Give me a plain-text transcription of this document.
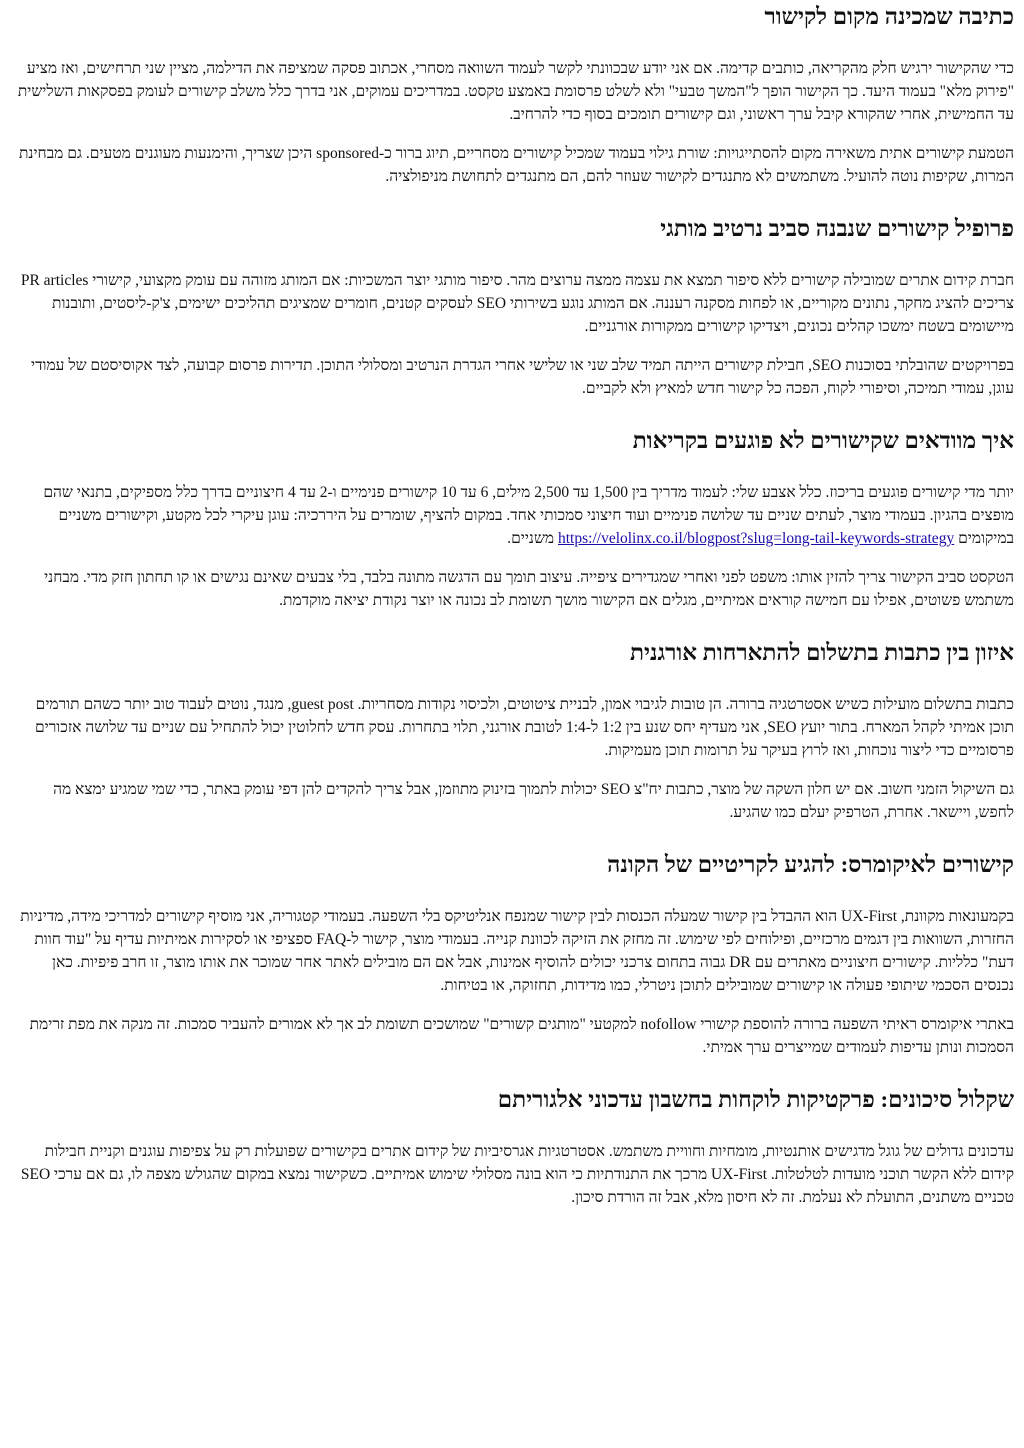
כתיבה שמכינה מקום לקישור

כדי שהקישור ירגיש חלק מהקריאה, כותבים קדימה. אם אני יודע שבכוונתי לקשר לעמוד השוואה מסחרי, אכתוב פסקה שמציפה את הדילמה, מציין שני תרחישים, ואז מציע "פירוק מלא" בעמוד היעד. כך הקישור הופך ל"המשך טבעי" ולא לשלט פרסומת באמצע טקסט. במדריכים עמוקים, אני בדרך כלל משלב קישורים לעומק בפסקאות השלישית עד החמישית, אחרי שהקורא קיבל ערך ראשוני, וגם קישורים תומכים בסוף כדי להרחיב.

הטמעת קישורים אתית משאירה מקום להסתייגויות: שורת גילוי בעמוד שמכיל קישורים מסחריים, תיוג ברור כ-sponsored היכן שצריך, והימנעות מעוגנים מטעים. גם מבחינת המרות, שקיפות נוטה להועיל. משתמשים לא מתנגדים לקישור שעוזר להם, הם מתנגדים לתחושת מניפולציה.

פרופיל קישורים שנבנה סביב נרטיב מותגי

חברת קידום אתרים שמובילה קישורים ללא סיפור תמצא את עצמה ממצה ערוצים מהר. סיפור מותגי יוצר המשכיות: אם המותג מזוהה עם עומק מקצועי, קישורי PR articles צריכים להציג מחקר, נתונים מקוריים, או לפחות מסקנה רעננה. אם המותג נוגע בשירותי SEO לעסקים קטנים, חומרים שמציגים תהליכים ישימים, צ'ק-ליסטים, ותובנות מיישומים בשטח ימשכו קהלים נכונים, ויצדיקו קישורים ממקורות אורגניים.

בפרויקטים שהובלתי בסוכנות SEO, חבילת קישורים הייתה תמיד שלב שני או שלישי אחרי הגדרת הנרטיב ומסלולי התוכן. תדירות פרסום קבועה, לצד אקוסיסטם של עמודי עוגן, עמודי תמיכה, וסיפורי לקוח, הפכה כל קישור חדש למאיץ ולא לקביים.

איך מוודאים שקישורים לא פוגעים בקריאות

יותר מדי קישורים פוגעים בריכוז. כלל אצבע שלי: לעמוד מדריך בין 1,500 עד 2,500 מילים, 6 עד 10 קישורים פנימיים ו-2 עד 4 חיצוניים בדרך כלל מספיקים, בתנאי שהם מופצים בהגיון. בעמודי מוצר, לעתים שניים עד שלושה פנימיים ועוד חיצוני סמכותי אחד. במקום להציף, שומרים על היררכיה: עוגן עיקרי לכל מקטע, וקישורים משניים במיקומים https://velolinx.co.il/blogpost?slug=long-tail-keywords-strategy משניים.

הטקסט סביב הקישור צריך להזין אותו: משפט לפני ואחרי שמגדירים ציפייה. עיצוב תומך עם הדגשה מתונה בלבד, בלי צבעים שאינם נגישים או קו תחתון חזק מדי. מבחני משתמש פשוטים, אפילו עם חמישה קוראים אמיתיים, מגלים אם הקישור מושך תשומת לב נכונה או יוצר נקודת יציאה מוקדמת.

איזון בין כתבות בתשלום להתארחות אורגנית

כתבות בתשלום מועילות כשיש אסטרטגיה ברורה. הן טובות לגיבוי אמון, לבניית ציטוטים, ולכיסוי נקודות מסחריות. guest post, מנגד, נוטים לעבוד טוב יותר כשהם תורמים תוכן אמיתי לקהל המארח. בתור יועץ SEO, אני מעדיף יחס שנע בין 1:2 ל-1:4 לטובת אורגני, תלוי בתחרות. עסק חדש לחלוטין יכול להתחיל עם שניים עד שלושה אזכורים פרסומיים כדי ליצור נוכחות, ואז לרוץ בעיקר על תרומות תוכן מעמיקות.

גם השיקול הזמני חשוב. אם יש חלון השקה של מוצר, כתבות יח"צ SEO יכולות לתמוך בזינוק מתוזמן, אבל צריך להקדים להן דפי עומק באתר, כדי שמי שמגיע ימצא מה לחפש, ויישאר. אחרת, הטרפיק יעלם כמו שהגיע.

קישורים לאיקומרס: להגיע לקריטיים של הקונה

בקמעונאות מקוונת, UX-First הוא ההבדל בין קישור שמעלה הכנסות לבין קישור שמנפח אנליטיקס בלי השפעה. בעמודי קטגוריה, אני מוסיף קישורים למדריכי מידה, מדיניות החזרות, השוואות בין דגמים מרכזיים, ופילוחים לפי שימוש. זה מחזק את הזיקה לכוונת קנייה. בעמודי מוצר, קישור ל-FAQ ספציפי או לסקירות אמיתיות עדיף על "עוד חוות דעת" כלליות. קישורים חיצוניים מאתרים עם DR גבוה בתחום צרכני יכולים להוסיף אמינות, אבל אם הם מובילים לאתר אחר שמוכר את אותו מוצר, זו חרב פיפיות. כאן נכנסים הסכמי שיתופי פעולה או קישורים שמובילים לתוכן ניטרלי, כמו מדידות, תחזוקה, או בטיחות.

באתרי איקומרס ראיתי השפעה ברורה להוספת קישורי nofollow למקטעי "מותגים קשורים" שמושכים תשומת לב אך לא אמורים להעביר סמכות. זה מנקה את מפת זרימת הסמכות ונותן עדיפות לעמודים שמייצרים ערך אמיתי.

שקלול סיכונים: פרקטיקות לוקחות בחשבון עדכוני אלגוריתם

עדכונים גדולים של גוגל מדגישים אותנטיות, מומחיות וחוויית משתמש. אסטרטגיות אגרסיביות של קידום אתרים בקישורים שפועלות רק על צפיפות עוגנים וקניית חבילות קידום ללא הקשר תוכני מועדות לטלטלות. UX-First מרכך את התנודתיות כי הוא בונה מסלולי שימוש אמיתיים. כשקישור נמצא במקום שהגולש מצפה לו, גם אם ערכי SEO טכניים משתנים, התועלת לא נעלמת. זה לא חיסון מלא, אבל זה הורדת סיכון.
